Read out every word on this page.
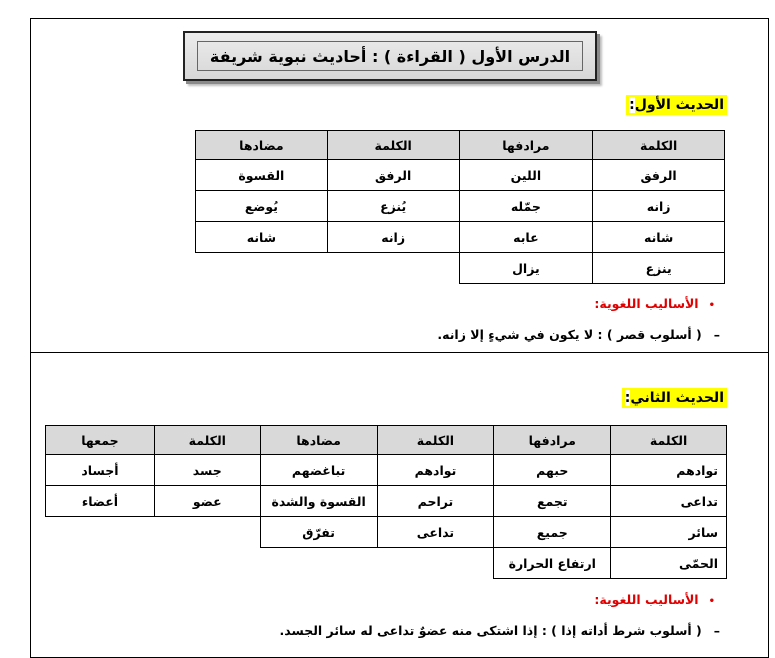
الدرس الأول ( القراءة ) : أحاديث نبوية شريفة
الحديث الأول:
الكلمة	مرادفها	الكلمة	مضادها
الرفق	اللين	الرفق	القسوة
زانه	جمّله	يُنزع	يُوضع
شانه	عابه	زانه	شانه
ينزع	يزال		
•الأساليب اللغوية:
–( أسلوب قصر ) : لا يكون في شيءٍ إلا زانه.
الحديث الثاني:
الكلمة	مرادفها	الكلمة	مضادها	الكلمة	جمعها
توادهم	حبهم	توادهم	تباغضهم	جسد	أجساد
تداعى	تجمع	تراحم	القسوة والشدة	عضو	أعضاء
سائر	جميع	تداعى	تفرّق		
الحمّى	ارتفاع الحرارة				
•الأساليب اللغوية:
–( أسلوب شرط أداته إذا ) : إذا اشتكى منه عضوٌ تداعى له سائر الجسد.
